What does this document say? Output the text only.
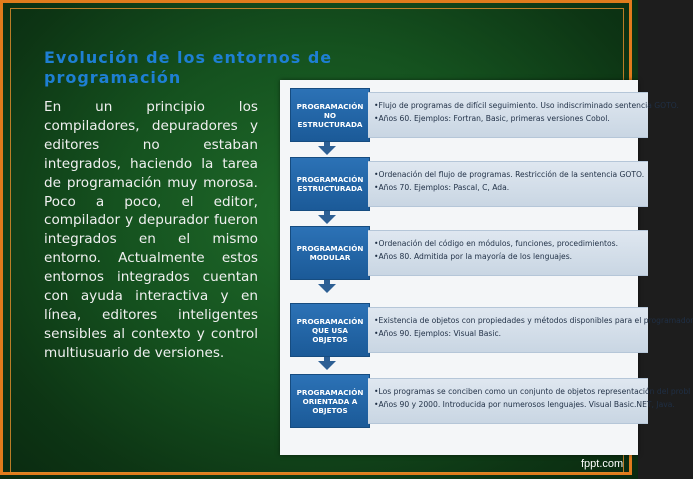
Evolución de los entornos de programación

En un principio los compiladores, depuradores y editores no estaban integrados, haciendo la tarea de programación muy morosa. Poco a poco, el editor, compilador y depurador fueron integrados en el mismo entorno. Actualmente estos entornos integrados cuentan con ayuda interactiva y en línea, editores inteligentes sensibles al contexto y control multiusuario de versiones.

PROGRAMACIÓN NO ESTRUCTURADA
• Flujo de programas de difícil seguimiento. Uso indiscriminado sentencia GOTO.
• Años 60. Ejemplos: Fortran, Basic, primeras versiones Cobol.
PROGRAMACIÓN ESTRUCTURADA
• Ordenación del flujo de programas. Restricción de la sentencia GOTO.
• Años 70. Ejemplos: Pascal, C, Ada.
PROGRAMACIÓN MODULAR
• Ordenación del código en módulos, funciones, procedimientos.
• Años 80. Admitida por la mayoría de los lenguajes.
PROGRAMACIÓN QUE USA OBJETOS
• Existencia de objetos con propiedades y métodos disponibles para el programador
• Años 90. Ejemplos: Visual Basic.
PROGRAMACIÓN ORIENTADA A OBJETOS
• Los programas se conciben como un conjunto de objetos representación del probl
• Años 90 y 2000. Introducida por numerosos lenguajes. Visual Basic.NET, Java.
fppt.com
